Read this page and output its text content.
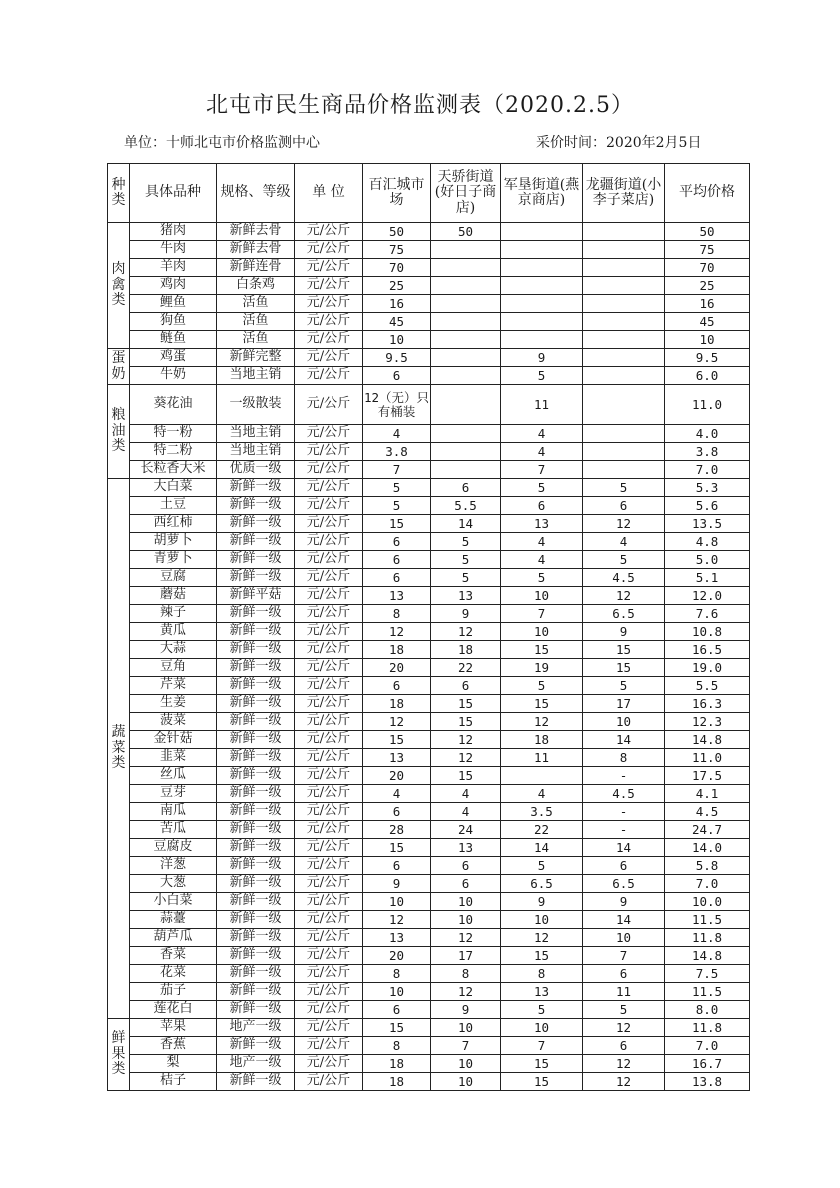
北屯市民生商品价格监测表（2020.2.5）
单位：十师北屯市价格监测中心	采价时间：2020年2月5日
种类	具体品种	规格、等级	单 位	百汇城市场	天骄街道(好日子商店)	军垦街道(燕京商店)	龙疆街道(小李子菜店)	平均价格
肉禽类	猪肉	新鲜去骨	元/公斤	50	50			50
	牛肉	新鲜去骨	元/公斤	75				75
	羊肉	新鲜连骨	元/公斤	70				70
	鸡肉	白条鸡	元/公斤	25				25
	鲤鱼	活鱼	元/公斤	16				16
	狗鱼	活鱼	元/公斤	45				45
	鲢鱼	活鱼	元/公斤	10				10
蛋奶	鸡蛋	新鲜完整	元/公斤	9.5		9		9.5
	牛奶	当地主销	元/公斤	6		5		6.0
粮油类	葵花油	一级散装	元/公斤	12（无）只有桶装		11		11.0
	特一粉	当地主销	元/公斤	4		4		4.0
	特二粉	当地主销	元/公斤	3.8		4		3.8
	长粒香大米	优质一级	元/公斤	7		7		7.0
蔬菜类	大白菜	新鲜一级	元/公斤	5	6	5	5	5.3
	土豆	新鲜一级	元/公斤	5	5.5	6	6	5.6
	西红柿	新鲜一级	元/公斤	15	14	13	12	13.5
	胡萝卜	新鲜一级	元/公斤	6	5	4	4	4.8
	青萝卜	新鲜一级	元/公斤	6	5	4	5	5.0
	豆腐	新鲜一级	元/公斤	6	5	5	4.5	5.1
	蘑菇	新鲜平菇	元/公斤	13	13	10	12	12.0
	辣子	新鲜一级	元/公斤	8	9	7	6.5	7.6
	黄瓜	新鲜一级	元/公斤	12	12	10	9	10.8
	大蒜	新鲜一级	元/公斤	18	18	15	15	16.5
	豆角	新鲜一级	元/公斤	20	22	19	15	19.0
	芹菜	新鲜一级	元/公斤	6	6	5	5	5.5
	生姜	新鲜一级	元/公斤	18	15	15	17	16.3
	菠菜	新鲜一级	元/公斤	12	15	12	10	12.3
	金针菇	新鲜一级	元/公斤	15	12	18	14	14.8
	韭菜	新鲜一级	元/公斤	13	12	11	8	11.0
	丝瓜	新鲜一级	元/公斤	20	15		-	17.5
	豆芽	新鲜一级	元/公斤	4	4	4	4.5	4.1
	南瓜	新鲜一级	元/公斤	6	4	3.5	-	4.5
	苦瓜	新鲜一级	元/公斤	28	24	22	-	24.7
	豆腐皮	新鲜一级	元/公斤	15	13	14	14	14.0
	洋葱	新鲜一级	元/公斤	6	6	5	6	5.8
	大葱	新鲜一级	元/公斤	9	6	6.5	6.5	7.0
	小白菜	新鲜一级	元/公斤	10	10	9	9	10.0
	蒜薹	新鲜一级	元/公斤	12	10	10	14	11.5
	葫芦瓜	新鲜一级	元/公斤	13	12	12	10	11.8
	香菜	新鲜一级	元/公斤	20	17	15	7	14.8
	花菜	新鲜一级	元/公斤	8	8	8	6	7.5
	茄子	新鲜一级	元/公斤	10	12	13	11	11.5
	莲花白	新鲜一级	元/公斤	6	9	5	5	8.0
鲜果类	苹果	地产一级	元/公斤	15	10	10	12	11.8
	香蕉	新鲜一级	元/公斤	8	7	7	6	7.0
	梨	地产一级	元/公斤	18	10	15	12	16.7
	桔子	新鲜一级	元/公斤	18	10	15	12	13.8
